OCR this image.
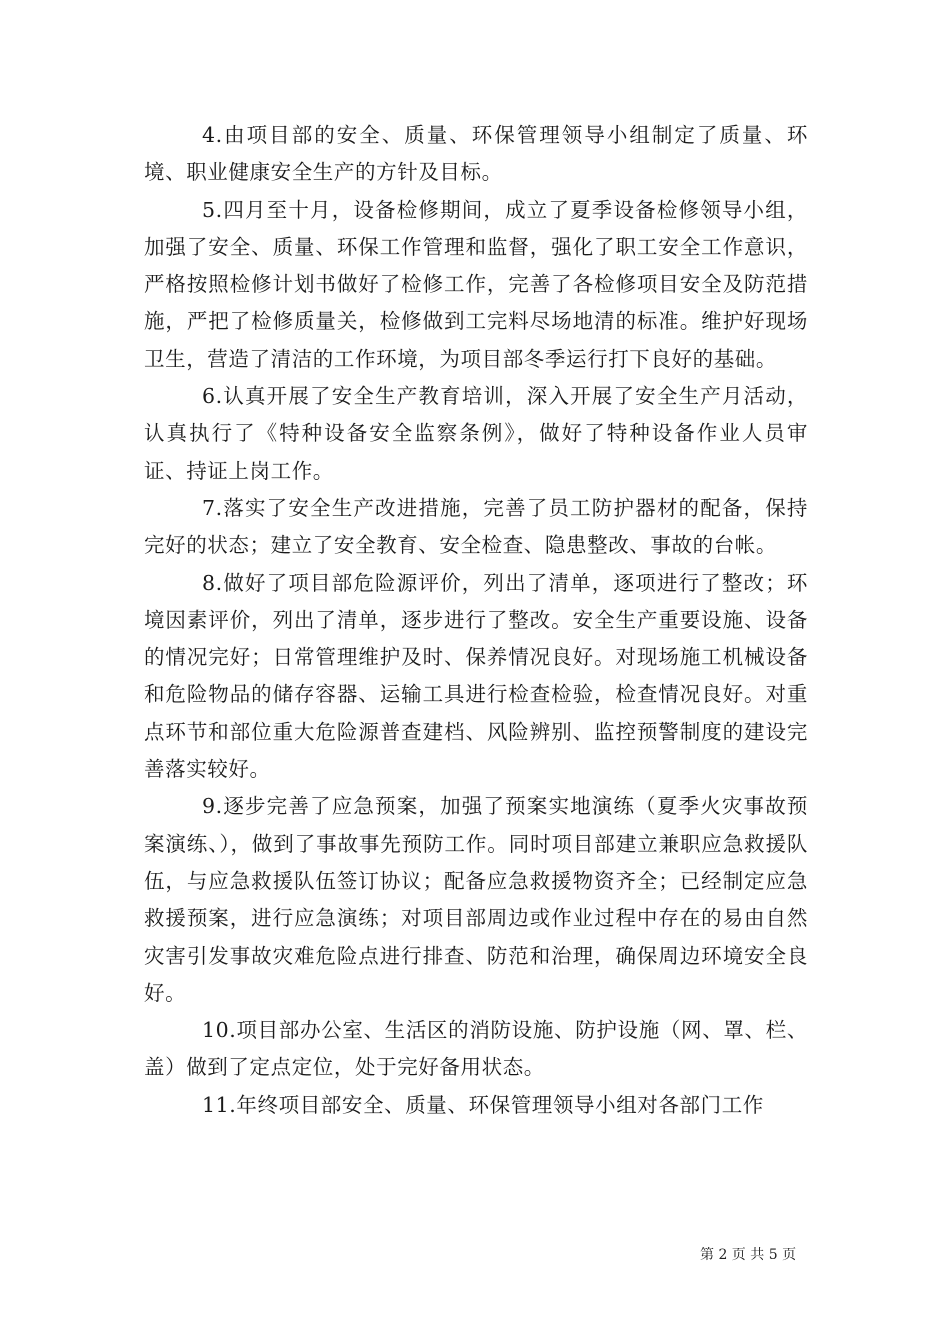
4.由项目部的安全、质量、环保管理领导小组制定了质量、环境、职业健康安全生产的方针及目标。

5.四月至十月，设备检修期间，成立了夏季设备检修领导小组，加强了安全、质量、环保工作管理和监督，强化了职工安全工作意识，严格按照检修计划书做好了检修工作，完善了各检修项目安全及防范措施，严把了检修质量关，检修做到工完料尽场地清的标准。维护好现场卫生，营造了清洁的工作环境，为项目部冬季运行打下良好的基础。

6.认真开展了安全生产教育培训，深入开展了安全生产月活动，认真执行了《特种设备安全监察条例》，做好了特种设备作业人员审证、持证上岗工作。

7.落实了安全生产改进措施，完善了员工防护器材的配备，保持完好的状态；建立了安全教育、安全检查、隐患整改、事故的台帐。

8.做好了项目部危险源评价，列出了清单，逐项进行了整改；环境因素评价，列出了清单，逐步进行了整改。安全生产重要设施、设备的情况完好；日常管理维护及时、保养情况良好。对现场施工机械设备和危险物品的储存容器、运输工具进行检查检验，检查情况良好。对重点环节和部位重大危险源普查建档、风险辨别、监控预警制度的建设完善落实较好。

9.逐步完善了应急预案，加强了预案实地演练（夏季火灾事故预案演练、），做到了事故事先预防工作。同时项目部建立兼职应急救援队伍，与应急救援队伍签订协议；配备应急救援物资齐全；已经制定应急救援预案，进行应急演练；对项目部周边或作业过程中存在的易由自然灾害引发事故灾难危险点进行排查、防范和治理，确保周边环境安全良好。

10.项目部办公室、生活区的消防设施、防护设施（网、罩、栏、盖）做到了定点定位，处于完好备用状态。

11.年终项目部安全、质量、环保管理领导小组对各部门工作

第 2 页 共 5 页
